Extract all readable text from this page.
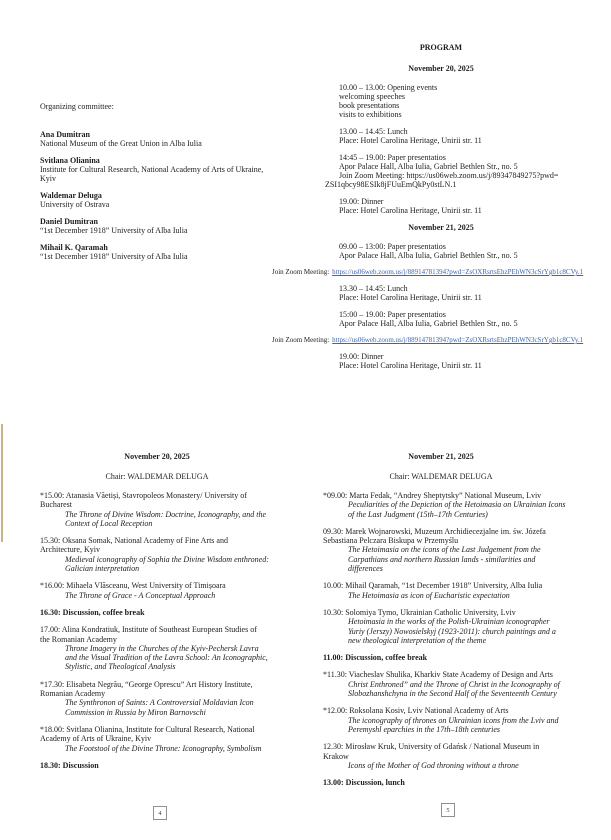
Organizing committee:
Ana Dumitran
National Museum of the Great Union in Alba Iulia
Svitlana Olianina
Institute for Cultural Research, National Academy of Arts of Ukraine,
Kyiv
Waldemar Deluga
University of Ostrava
Daniel Dumitran
“1st December 1918” University of Alba Iulia
Mihail K. Qaramah
“1st December 1918” University of Alba Iulia
PROGRAM
November 20, 2025
10.00 – 13.00: Opening events
welcoming speeches
book presentations
visits to exhibitions
13.00 – 14.45: Lunch
Place: Hotel Carolina Heritage, Unirii str. 11
14:45 – 19.00: Paper presentatios
Apor Palace Hall, Alba Iulia, Gabriel Bethlen Str., no. 5
Join Zoom Meeting: https://us06web.zoom.us/j/89347849275?pwd=
ZSI1qbcy98ESIk8jFUuEmQkPy0stLN.1
19.00: Dinner
Place: Hotel Carolina Heritage, Unirii str. 11
November 21, 2025
09.00 – 13:00: Paper presentatios
Apor Palace Hall, Alba Iulia, Gabriel Bethlen Str., no. 5
Join Zoom Meeting: https://us06web.zoom.us/j/88914781394?pwd=ZsOXRsrtsEhzPEhWN3cSrYgb1c8CVy.1
13.30 – 14.45: Lunch
Place: Hotel Carolina Heritage, Unirii str. 11
15:00 – 19.00: Paper presentatios
Apor Palace Hall, Alba Iulia, Gabriel Bethlen Str., no. 5
Join Zoom Meeting: https://us06web.zoom.us/j/88914781394?pwd=ZsOXRsrtsEhzPEhWN3cSrYgb1c8CVy.1
19.00: Dinner
Place: Hotel Carolina Heritage, Unirii str. 11
November 20, 2025
Chair: WALDEMAR DELUGA
*15.00: Atanasia Văetiși, Stavropoleos Monastery/ University of
Bucharest
The Throne of Divine Wisdom: Doctrine, Iconography, and the
Context of Local Reception
15.30: Oksana Somak, National Academy of Fine Arts and
Architecture, Kyiv
Medieval iconography of Sophia the Divine Wisdom enthroned:
Galician interpretation
*16.00: Mihaela Vlăsceanu, West University of Timișoara
The Throne of Grace - A Conceptual Approach
16.30: Discussion, coffee break
17.00: Alina Kondratiuk, Institute of Southeast European Studies of
the Romanian Academy
Throne Imagery in the Churches of the Kyiv-Pechersk Lavra
and the Visual Tradition of the Lavra School: An Iconographic,
Stylistic, and Theological Analysis
*17.30: Elisabeta Negrău, “George Oprescu” Art History Institute,
Romanian Academy
The Synthronon of Saints: A Controversial Moldavian Icon
Commission in Russia by Miron Barnovschi
*18.00: Svitlana Olianina, Institute for Cultural Research, National
Academy of Arts of Ukraine, Kyiv
The Footstool of the Divine Throne: Iconography, Symbolism
18.30: Discussion
November 21, 2025
Chair: WALDEMAR DELUGA
*09.00: Marta Fedak, “Andrey Sheptytsky” National Museum, Lviv
Peculiarities of the Depiction of the Hetoimasia on Ukrainian Icons
of the Last Judgment (15th–17th Centuries)
09.30: Marek Wojnarowski, Muzeum Archidiecezjalne im. św. Józefa
Sebastiana Pelczara Biskupa w Przemyślu
The Hetoimasia on the icons of the Last Judgement from the
Carpathians and northern Russian lands - similarities and
differences
10.00: Mihail Qaramah, “1st December 1918” University, Alba Iulia
The Hetoimasia as icon of Eucharistic expectation
10.30: Solomiya Tymo, Ukrainian Catholic University, Lviv
Hetoimasia in the works of the Polish-Ukrainian iconographer
Yuriy (Jerszy) Nowosielskyj (1923-2011): church paintings and a
new theological interpretation of the theme
11.00: Discussion, coffee break
*11.30: Viacheslav Shulika, Kharkiv State Academy of Design and Arts
Christ Enthroned” and the Throne of Christ in the Iconography of
Slobozhanshchyna in the Second Half of the Seventeenth Century
*12.00: Roksolana Kosiv, Lviv National Academy of Arts
The iconography of thrones on Ukrainian icons from the Lviv and
Peremyshl eparchies in the 17th–18th centuries
12.30: Mirosław Kruk, University of Gdańsk / National Museum in
Krakow
Icons of the Mother of God throning without a throne
13.00: Discussion, lunch
4	5
